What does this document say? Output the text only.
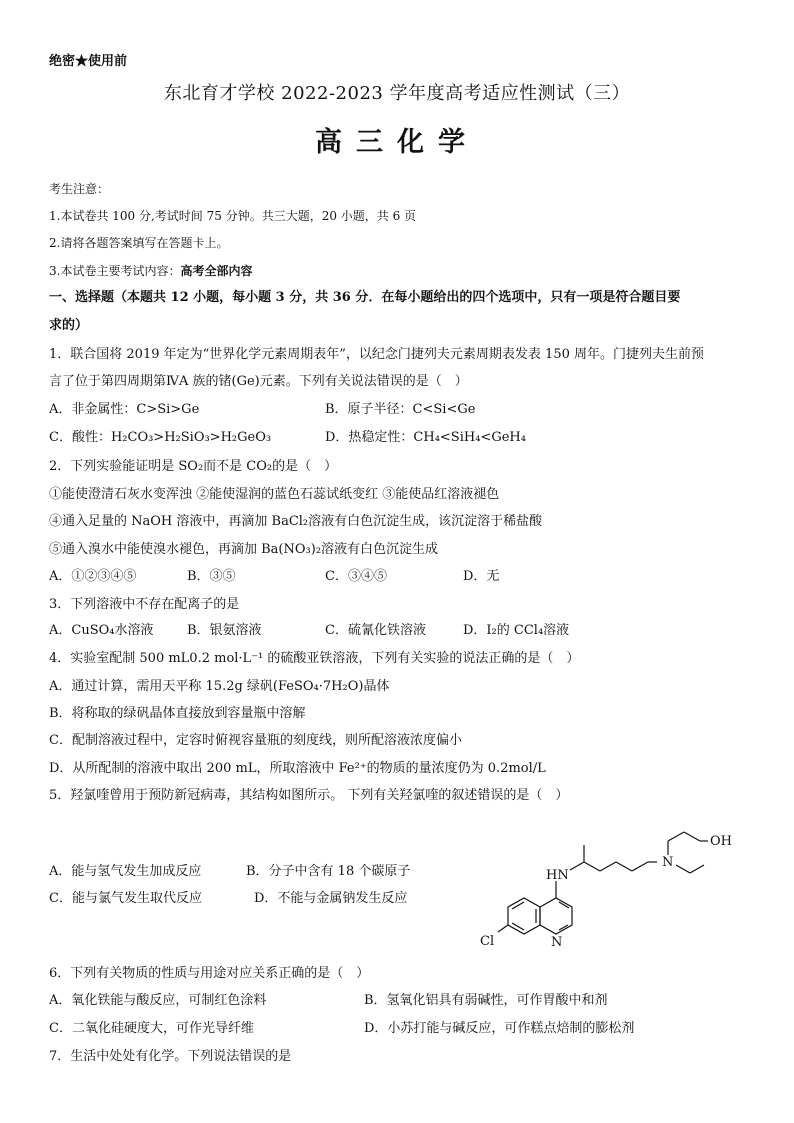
绝密★使用前
东北育才学校 2022-2023 学年度高考适应性测试（三）
高三化学
考生注意：
1.本试卷共 100 分,考试时间 75 分钟。共三大题，20 小题，共 6 页
2.请将各题答案填写在答题卡上。
3.本试卷主要考试内容：高考全部内容
一、选择题（本题共 12 小题，每小题 3 分，共 36 分．在每小题给出的四个选项中，只有一项是符合题目要
求的）
1．联合国将 2019 年定为“世界化学元素周期表年”，以纪念门捷列夫元素周期表发表 150 周年。门捷列夫生前预
言了位于第四周期第ⅣA 族的锗(Ge)元素。下列有关说法错误的是（　）
A．非金属性：C>Si>Ge	B．原子半径：C<Si<Ge
C．酸性：H₂CO₃>H₂SiO₃>H₂GeO₃	D．热稳定性：CH₄<SiH₄<GeH₄
2．下列实验能证明是 SO₂而不是 CO₂的是（　）
①能使澄清石灰水变浑浊 ②能使湿润的蓝色石蕊试纸变红 ③能使品红溶液褪色
④通入足量的 NaOH 溶液中，再滴加 BaCl₂溶液有白色沉淀生成，该沉淀溶于稀盐酸
⑤通入溴水中能使溴水褪色，再滴加 Ba(NO₃)₂溶液有白色沉淀生成
A．①②③④⑤	B．③⑤	C．③④⑤	D．无
3．下列溶液中不存在配离子的是
A．CuSO₄水溶液	B．银氨溶液	C．硫氰化铁溶液	D．I₂的 CCl₄溶液
4．实验室配制 500 mL0.2 mol·L⁻¹ 的硫酸亚铁溶液，下列有关实验的说法正确的是（　）
A．通过计算，需用天平称 15.2g 绿矾(FeSO₄·7H₂O)晶体
B．将称取的绿矾晶体直接放到容量瓶中溶解
C．配制溶液过程中，定容时俯视容量瓶的刻度线，则所配溶液浓度偏小
D．从所配制的溶液中取出 200 mL，所取溶液中 Fe²⁺的物质的量浓度仍为 0.2mol/L
5．羟氯喹曾用于预防新冠病毒，其结构如图所示。 下列有关羟氯喹的叙述错误的是（　）
A．能与氢气发生加成反应	B．分子中含有 18 个碳原子
C．能与氯气发生取代反应	D．不能与金属钠发生反应
OH
N
HN
Cl	N
6．下列有关物质的性质与用途对应关系正确的是（　）
A．氧化铁能与酸反应，可制红色涂料	B．氢氧化铝具有弱碱性，可作胃酸中和剂
C．二氧化硅硬度大，可作光导纤维	D．小苏打能与碱反应，可作糕点焙制的膨松剂
7．生活中处处有化学。下列说法错误的是
